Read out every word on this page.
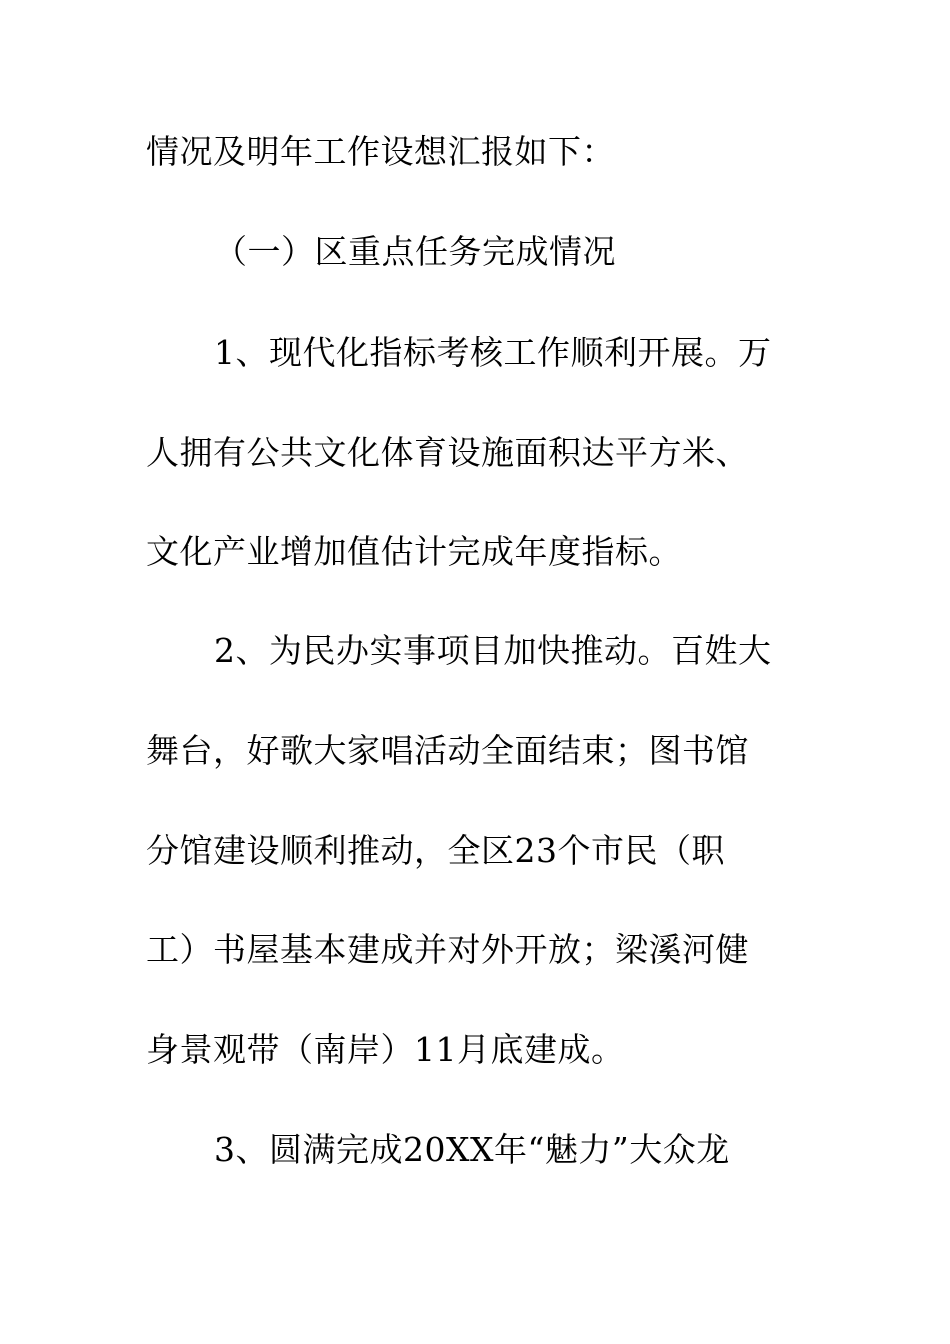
情况及明年工作设想汇报如下：

（一）区重点任务完成情况

1、现代化指标考核工作顺利开展。万

人拥有公共文化体育设施面积达平方米、

文化产业增加值估计完成年度指标。

2、为民办实事项目加快推动。百姓大

舞台，好歌大家唱活动全面结束；图书馆

分馆建设顺利推动，全区23个市民（职

工）书屋基本建成并对外开放；梁溪河健

身景观带（南岸）11月底建成。

3、圆满完成20XX年“魅力”大众龙
